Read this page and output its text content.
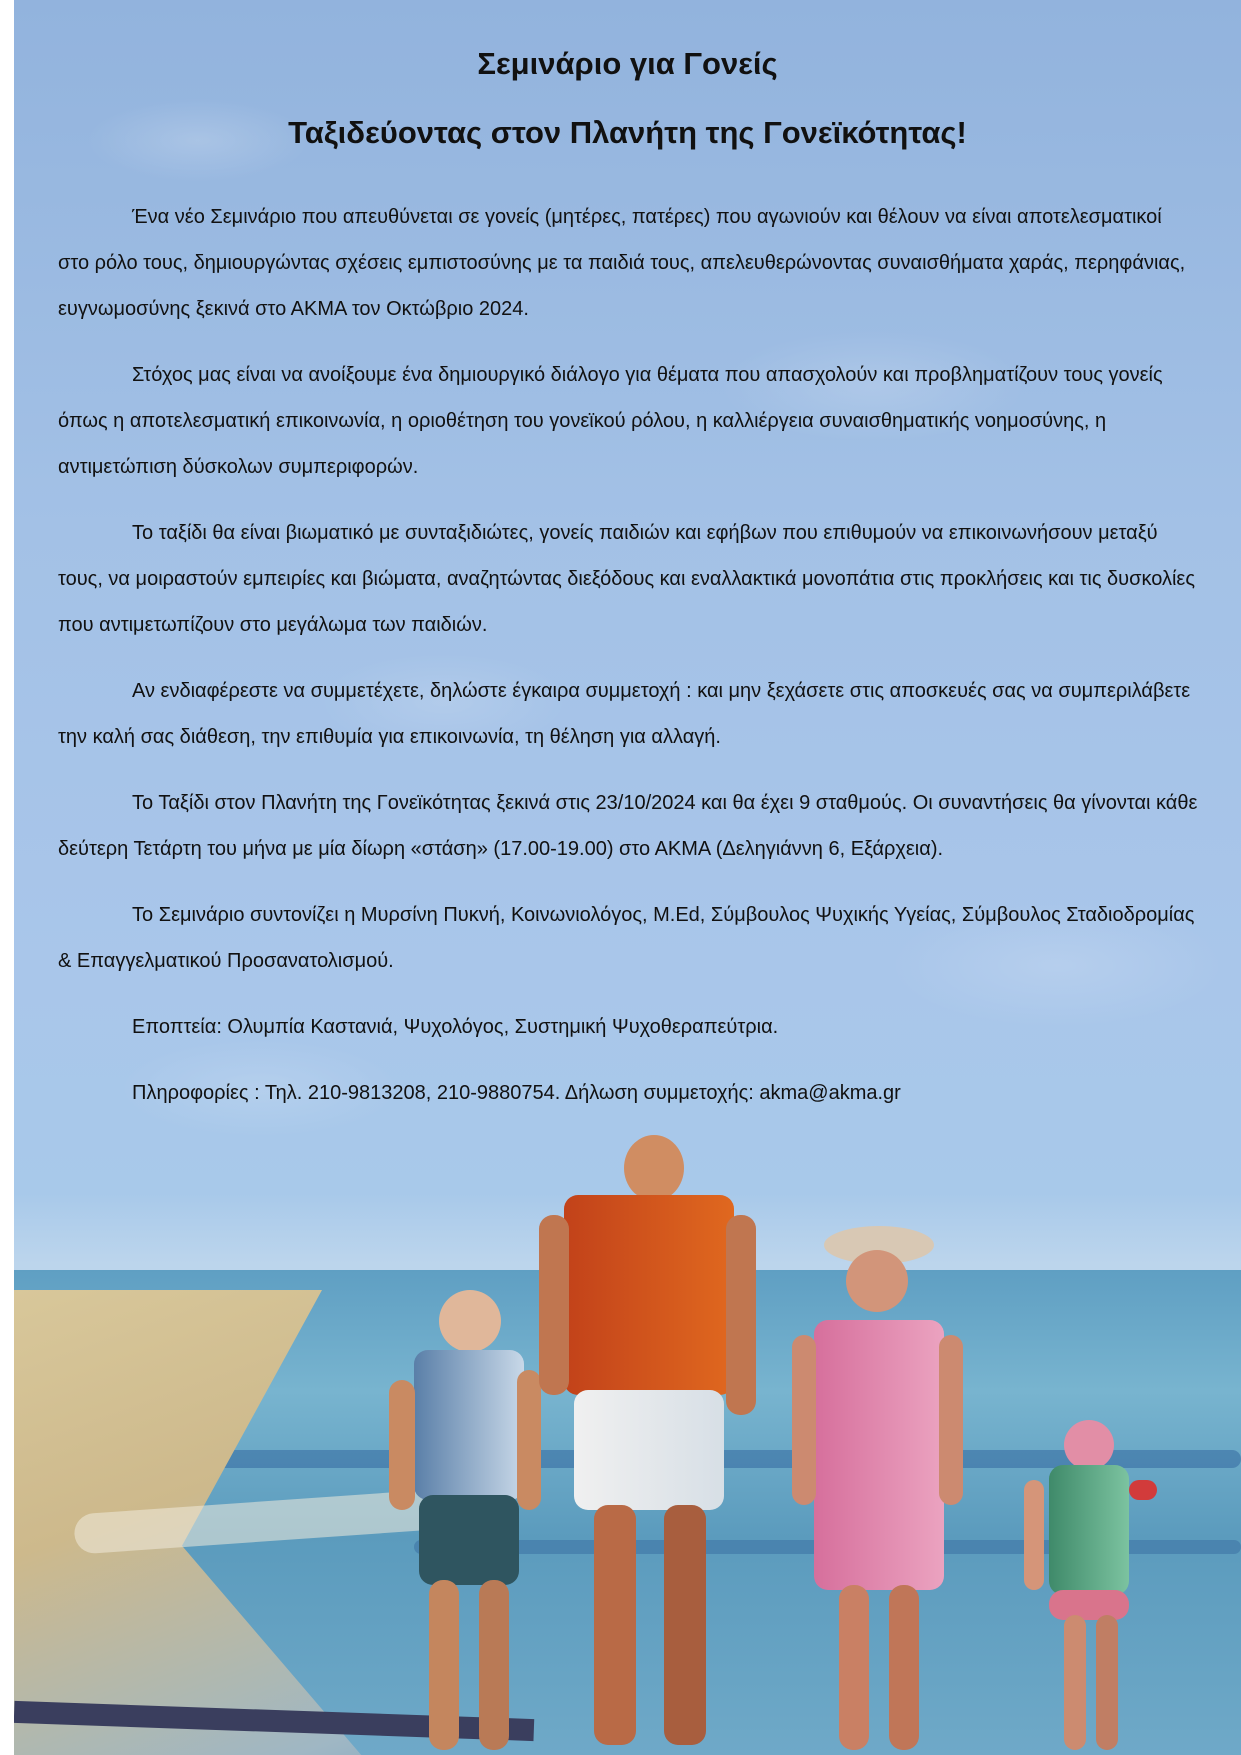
Σεμινάριο για Γονείς
Ταξιδεύοντας στον Πλανήτη της Γονεϊκότητας!

Ένα νέο Σεμινάριο που απευθύνεται σε γονείς (μητέρες, πατέρες) που αγωνιούν και θέλουν να είναι αποτελεσματικοί στο ρόλο τους, δημιουργώντας σχέσεις εμπιστοσύνης με τα παιδιά τους, απελευθερώνοντας συναισθήματα χαράς, περηφάνιας, ευγνωμοσύνης ξεκινά στο ΑΚΜΑ τον Οκτώβριο 2024.

Στόχος μας είναι να ανοίξουμε ένα δημιουργικό διάλογο για θέματα που απασχολούν και προβληματίζουν τους γονείς όπως η αποτελεσματική επικοινωνία, η οριοθέτηση του γονεϊκού ρόλου, η καλλιέργεια συναισθηματικής νοημοσύνης, η αντιμετώπιση δύσκολων συμπεριφορών.

Το ταξίδι θα είναι βιωματικό με συνταξιδιώτες, γονείς παιδιών και εφήβων που επιθυμούν να επικοινωνήσουν μεταξύ τους, να μοιραστούν εμπειρίες και βιώματα, αναζητώντας διεξόδους και εναλλακτικά μονοπάτια στις προκλήσεις και τις δυσκολίες που αντιμετωπίζουν στο μεγάλωμα των παιδιών.

Αν ενδιαφέρεστε να συμμετέχετε, δηλώστε έγκαιρα συμμετοχή : και μην ξεχάσετε στις αποσκευές σας να συμπεριλάβετε την καλή σας διάθεση, την επιθυμία για επικοινωνία, τη θέληση για αλλαγή.

Το Ταξίδι στον Πλανήτη της Γονεϊκότητας ξεκινά στις 23/10/2024 και θα έχει 9 σταθμούς. Οι συναντήσεις θα γίνονται κάθε δεύτερη Τετάρτη του μήνα με μία δίωρη «στάση» (17.00-19.00) στο ΑΚΜΑ (Δεληγιάννη 6, Εξάρχεια).

Το Σεμινάριο συντονίζει η Μυρσίνη Πυκνή, Κοινωνιολόγος, M.Ed, Σύμβουλος Ψυχικής Υγείας, Σύμβουλος Σταδιοδρομίας & Επαγγελματικού Προσανατολισμού.

Εποπτεία: Ολυμπία Καστανιά, Ψυχολόγος, Συστημική Ψυχοθεραπεύτρια.

Πληροφορίες : Τηλ. 210-9813208, 210-9880754. Δήλωση συμμετοχής: akma@akma.gr
